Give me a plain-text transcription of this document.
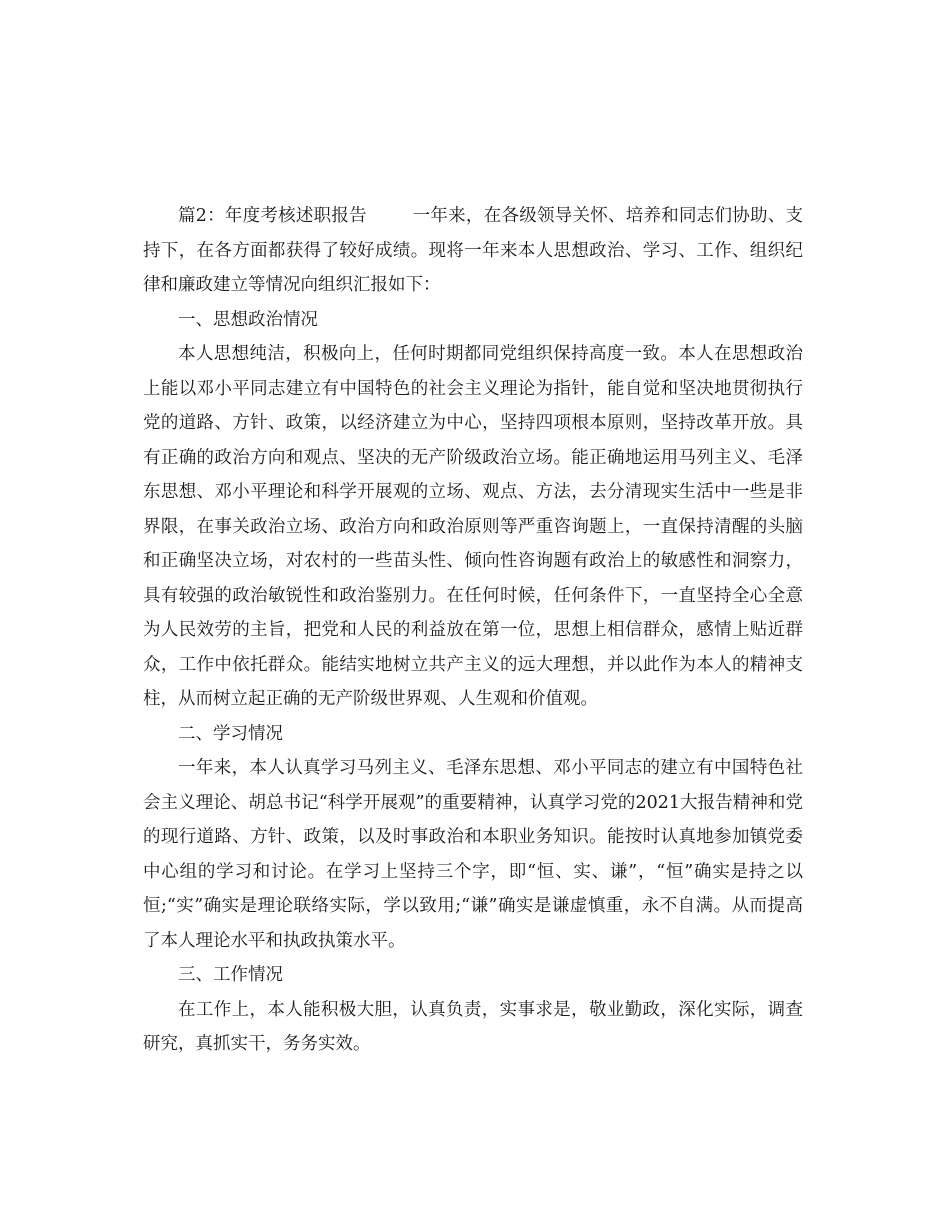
篇2：年度考核述职报告	一年来，在各级领导关怀、培养和同志们协助、支持下，在各方面都获得了较好成绩。现将一年来本人思想政治、学习、工作、组织纪律和廉政建立等情况向组织汇报如下：

一、思想政治情况

本人思想纯洁，积极向上，任何时期都同党组织保持高度一致。本人在思想政治上能以邓小平同志建立有中国特色的社会主义理论为指针，能自觉和坚决地贯彻执行党的道路、方针、政策，以经济建立为中心，坚持四项根本原则，坚持改革开放。具有正确的政治方向和观点、坚决的无产阶级政治立场。能正确地运用马列主义、毛泽东思想、邓小平理论和科学开展观的立场、观点、方法，去分清现实生活中一些是非界限，在事关政治立场、政治方向和政治原则等严重咨询题上，一直保持清醒的头脑和正确坚决立场，对农村的一些苗头性、倾向性咨询题有政治上的敏感性和洞察力，具有较强的政治敏锐性和政治鉴别力。在任何时候，任何条件下，一直坚持全心全意为人民效劳的主旨，把党和人民的利益放在第一位，思想上相信群众，感情上贴近群众，工作中依托群众。能结实地树立共产主义的远大理想，并以此作为本人的精神支柱，从而树立起正确的无产阶级世界观、人生观和价值观。

二、学习情况

一年来，本人认真学习马列主义、毛泽东思想、邓小平同志的建立有中国特色社会主义理论、胡总书记“科学开展观”的重要精神，认真学习党的2021大报告精神和党的现行道路、方针、政策，以及时事政治和本职业务知识。能按时认真地参加镇党委中心组的学习和讨论。在学习上坚持三个字，即“恒、实、谦”，“恒”确实是持之以恒;“实”确实是理论联络实际，学以致用;“谦”确实是谦虚慎重，永不自满。从而提高了本人理论水平和执政执策水平。

三、工作情况

在工作上，本人能积极大胆，认真负责，实事求是，敬业勤政，深化实际，调查研究，真抓实干，务务实效。
